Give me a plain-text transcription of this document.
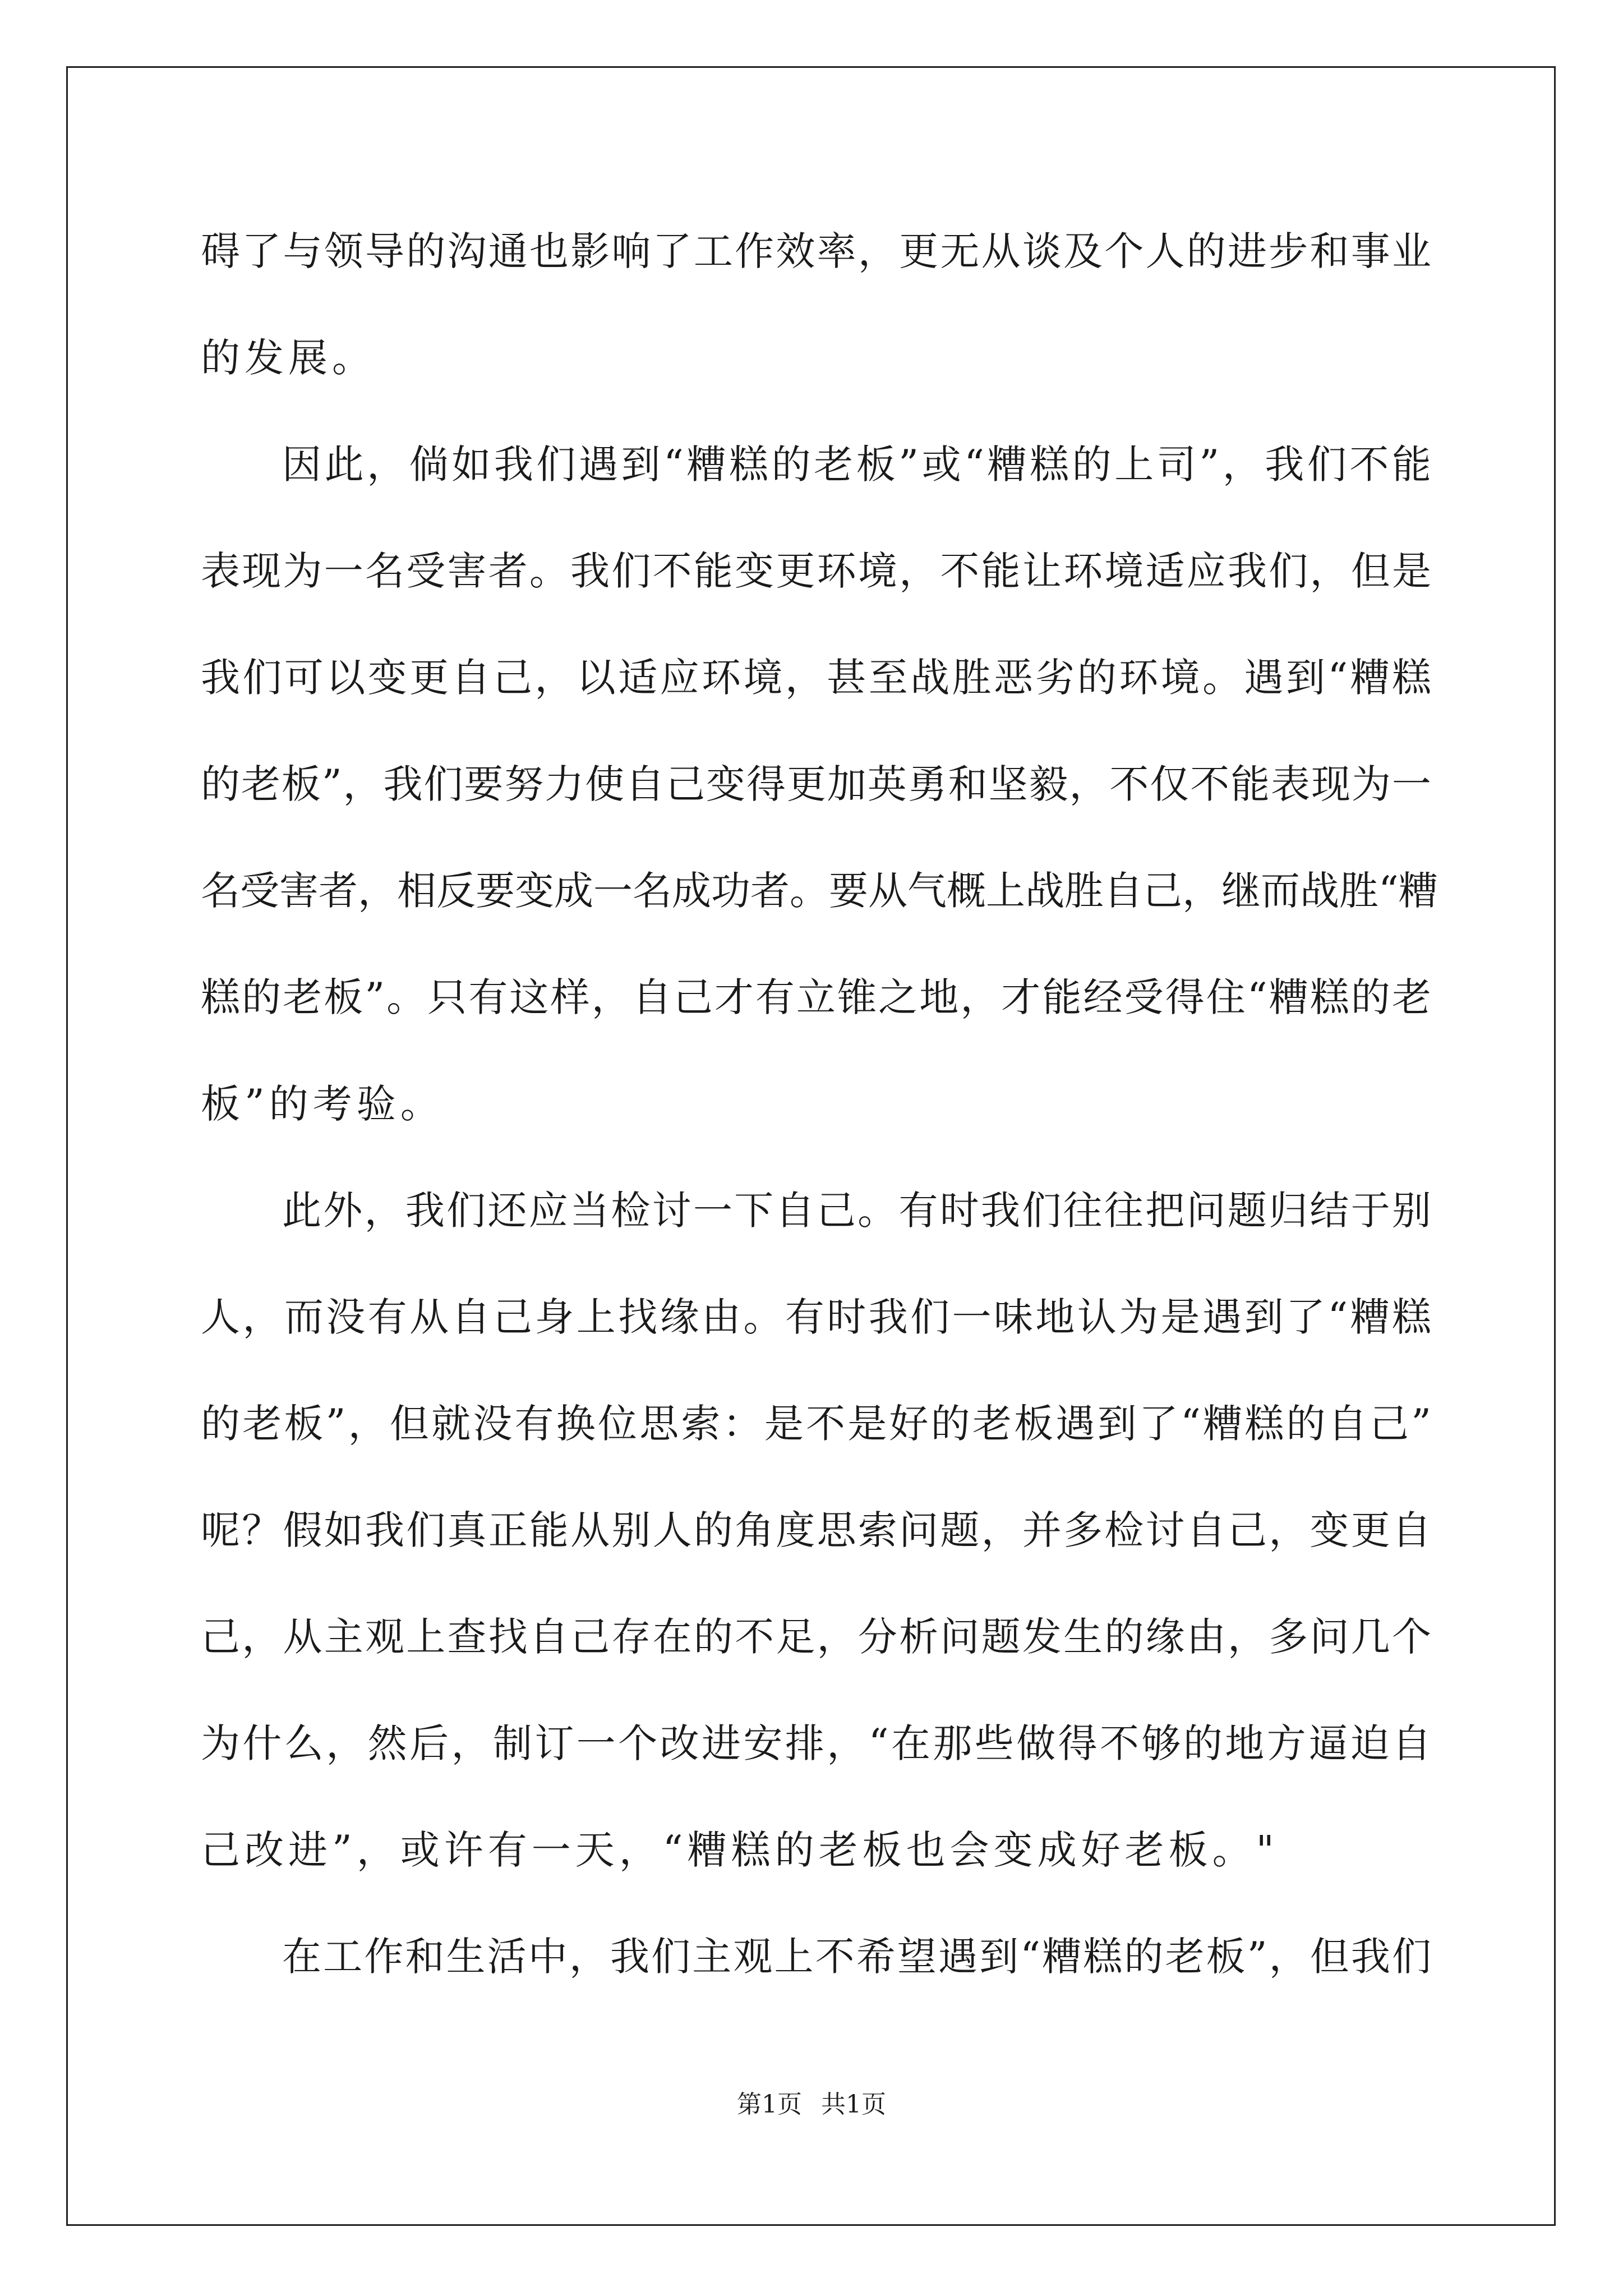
碍了与领导的沟通也影响了工作效率，更无从谈及个人的进步和事业
的发展。
因此，倘如我们遇到“糟糕的老板”或“糟糕的上司”，我们不能
表现为一名受害者。我们不能变更环境，不能让环境适应我们，但是
我们可以变更自己，以适应环境，甚至战胜恶劣的环境。遇到“糟糕
的老板”，我们要努力使自己变得更加英勇和坚毅，不仅不能表现为一
名受害者，相反要变成一名成功者。要从气概上战胜自己，继而战胜“糟
糕的老板”。只有这样，自己才有立锥之地，才能经受得住“糟糕的老
板”的考验。
此外，我们还应当检讨一下自己。有时我们往往把问题归结于别
人，而没有从自己身上找缘由。有时我们一味地认为是遇到了“糟糕
的老板”，但就没有换位思索：是不是好的老板遇到了“糟糕的自己”
呢？假如我们真正能从别人的角度思索问题，并多检讨自己，变更自
己，从主观上查找自己存在的不足，分析问题发生的缘由，多问几个
为什么，然后，制订一个改进安排，“在那些做得不够的地方逼迫自
己改进”，或许有一天，“糟糕的老板也会变成好老板。"
在工作和生活中，我们主观上不希望遇到“糟糕的老板”，但我们
第1页 共1页
